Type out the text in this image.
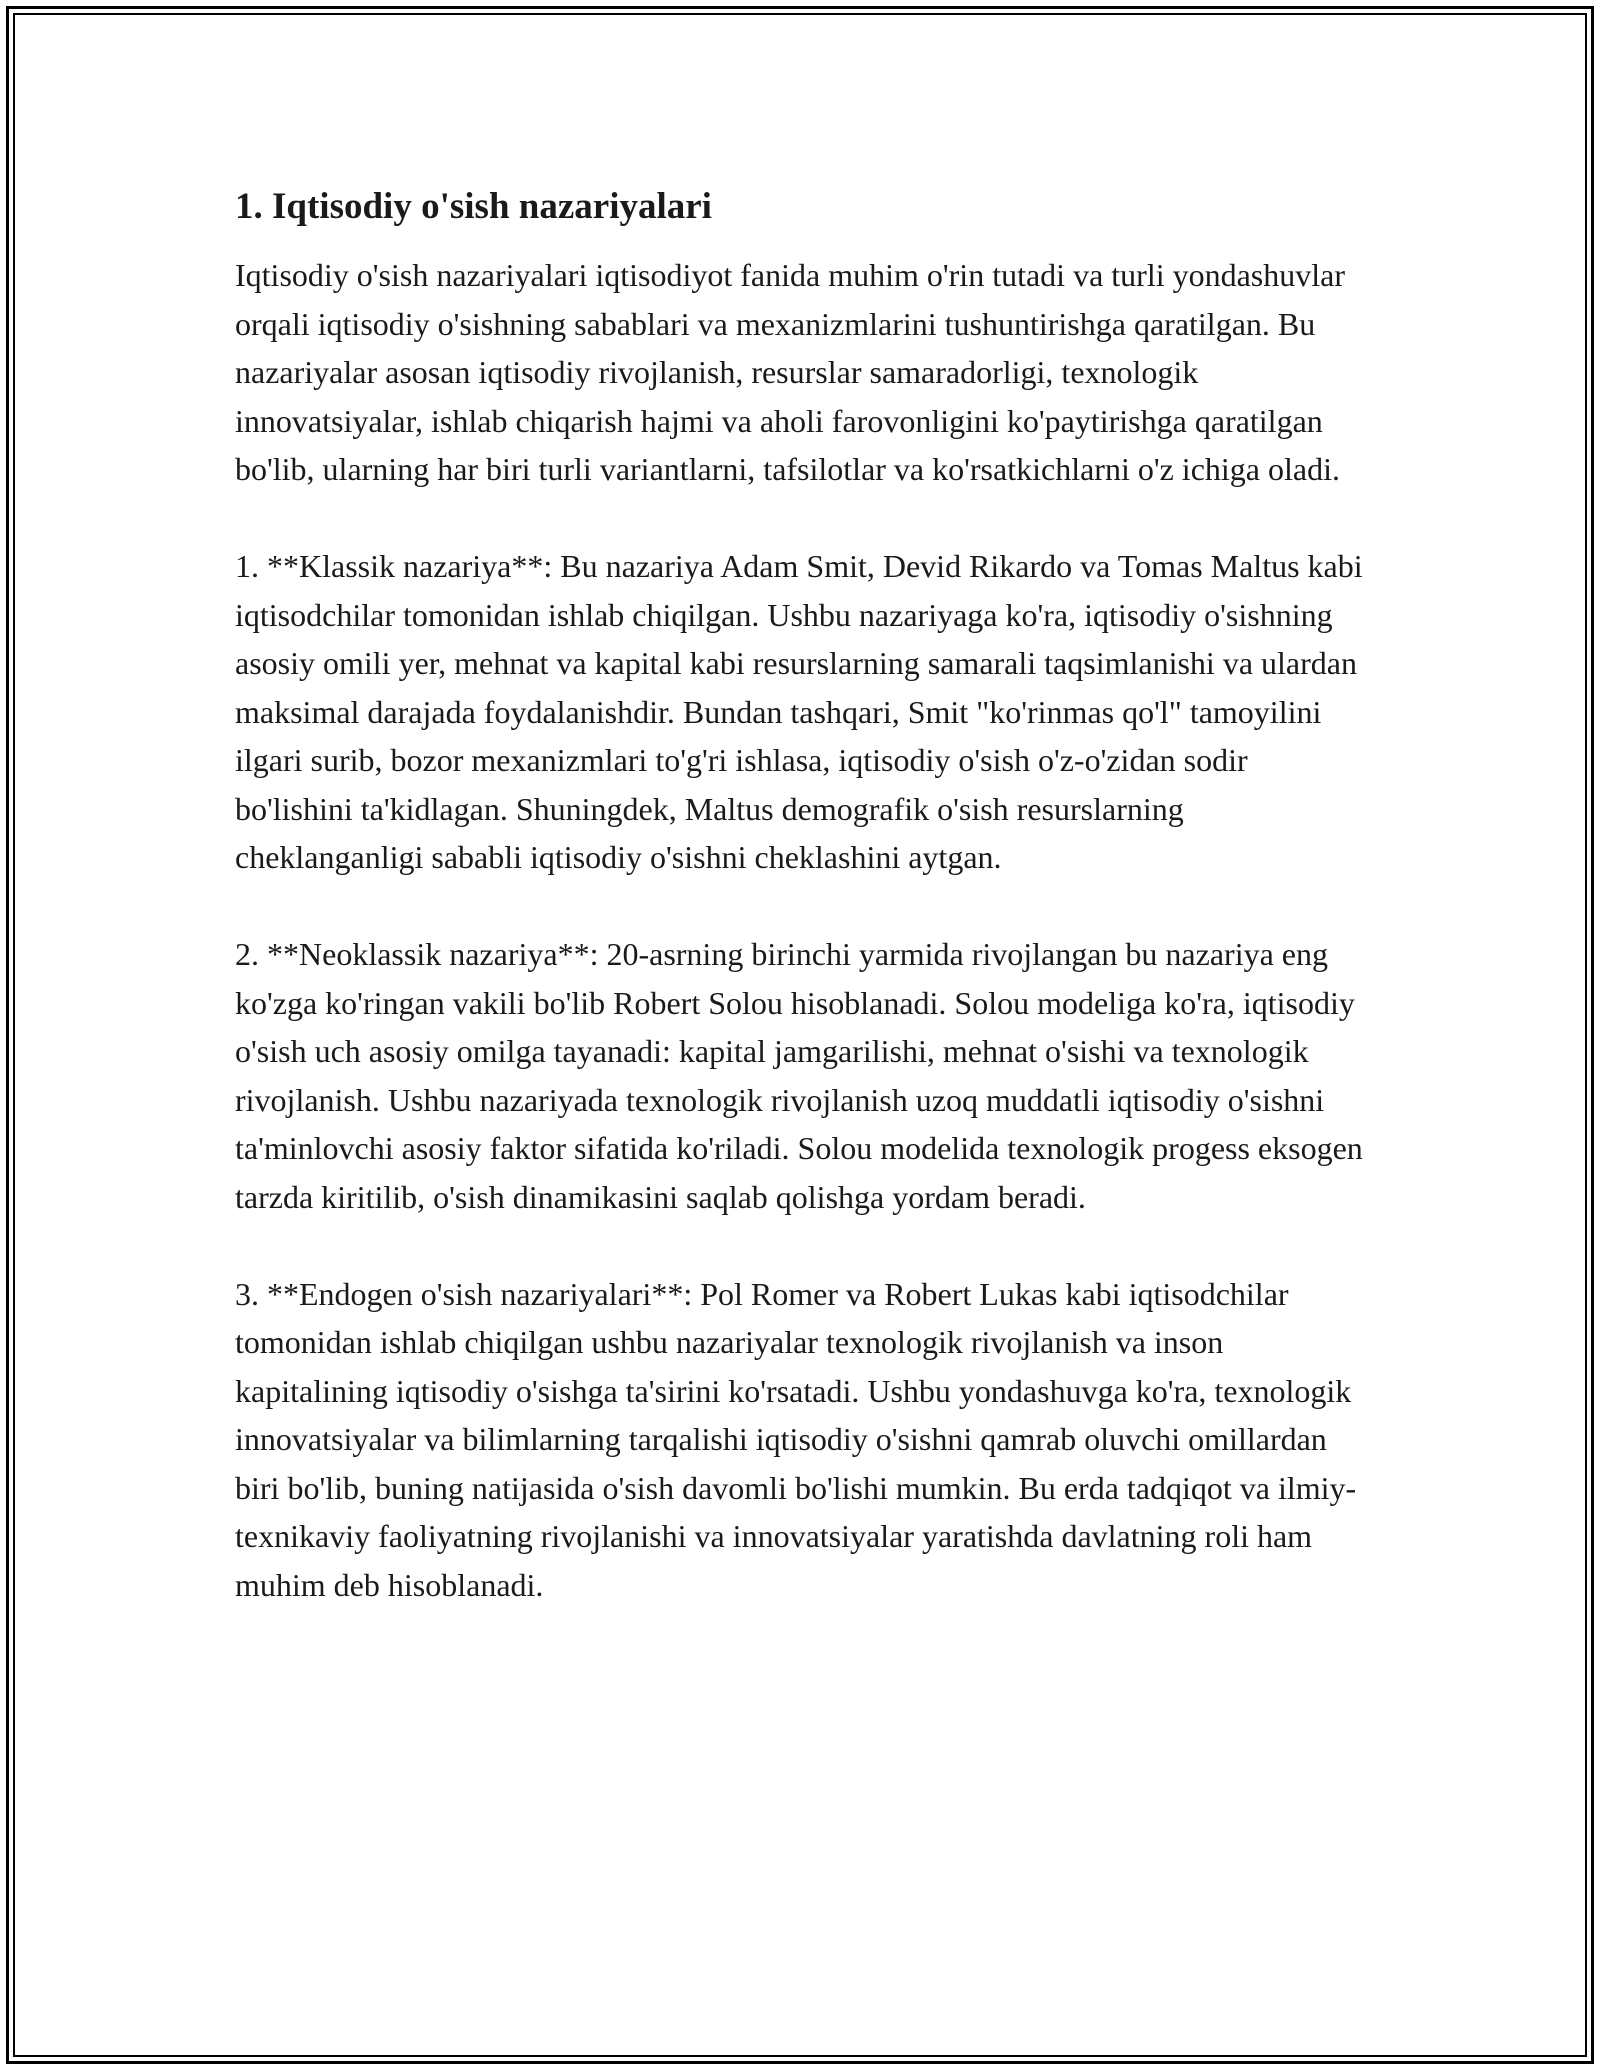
1. Iqtisodiy o'sish nazariyalari

Iqtisodiy o'sish nazariyalari iqtisodiyot fanida muhim o'rin tutadi va turli yondashuvlar orqali iqtisodiy o'sishning sabablari va mexanizmlarini tushuntirishga qaratilgan. Bu nazariyalar asosan iqtisodiy rivojlanish, resurslar samaradorligi, texnologik innovatsiyalar, ishlab chiqarish hajmi va aholi farovonligini ko'paytirishga qaratilgan bo'lib, ularning har biri turli variantlarni, tafsilotlar va ko'rsatkichlarni o'z ichiga oladi.

1. **Klassik nazariya**: Bu nazariya Adam Smit, Devid Rikardo va Tomas Maltus kabi iqtisodchilar tomonidan ishlab chiqilgan. Ushbu nazariyaga ko'ra, iqtisodiy o'sishning asosiy omili yer, mehnat va kapital kabi resurslarning samarali taqsimlanishi va ulardan maksimal darajada foydalanishdir. Bundan tashqari, Smit "ko'rinmas qo'l" tamoyilini ilgari surib, bozor mexanizmlari to'g'ri ishlasa, iqtisodiy o'sish o'z-o'zidan sodir bo'lishini ta'kidlagan. Shuningdek, Maltus demografik o'sish resurslarning cheklanganligi sababli iqtisodiy o'sishni cheklashini aytgan.

2. **Neoklassik nazariya**: 20-asrning birinchi yarmida rivojlangan bu nazariya eng ko'zga ko'ringan vakili bo'lib Robert Solou hisoblanadi. Solou modeliga ko'ra, iqtisodiy o'sish uch asosiy omilga tayanadi: kapital jamgarilishi, mehnat o'sishi va texnologik rivojlanish. Ushbu nazariyada texnologik rivojlanish uzoq muddatli iqtisodiy o'sishni ta'minlovchi asosiy faktor sifatida ko'riladi. Solou modelida texnologik progess eksogen tarzda kiritilib, o'sish dinamikasini saqlab qolishga yordam beradi.

3. **Endogen o'sish nazariyalari**: Pol Romer va Robert Lukas kabi iqtisodchilar tomonidan ishlab chiqilgan ushbu nazariyalar texnologik rivojlanish va inson kapitalining iqtisodiy o'sishga ta'sirini ko'rsatadi. Ushbu yondashuvga ko'ra, texnologik innovatsiyalar va bilimlarning tarqalishi iqtisodiy o'sishni qamrab oluvchi omillardan biri bo'lib, buning natijasida o'sish davomli bo'lishi mumkin. Bu erda tadqiqot va ilmiy-texnikaviy faoliyatning rivojlanishi va innovatsiyalar yaratishda davlatning roli ham muhim deb hisoblanadi.
